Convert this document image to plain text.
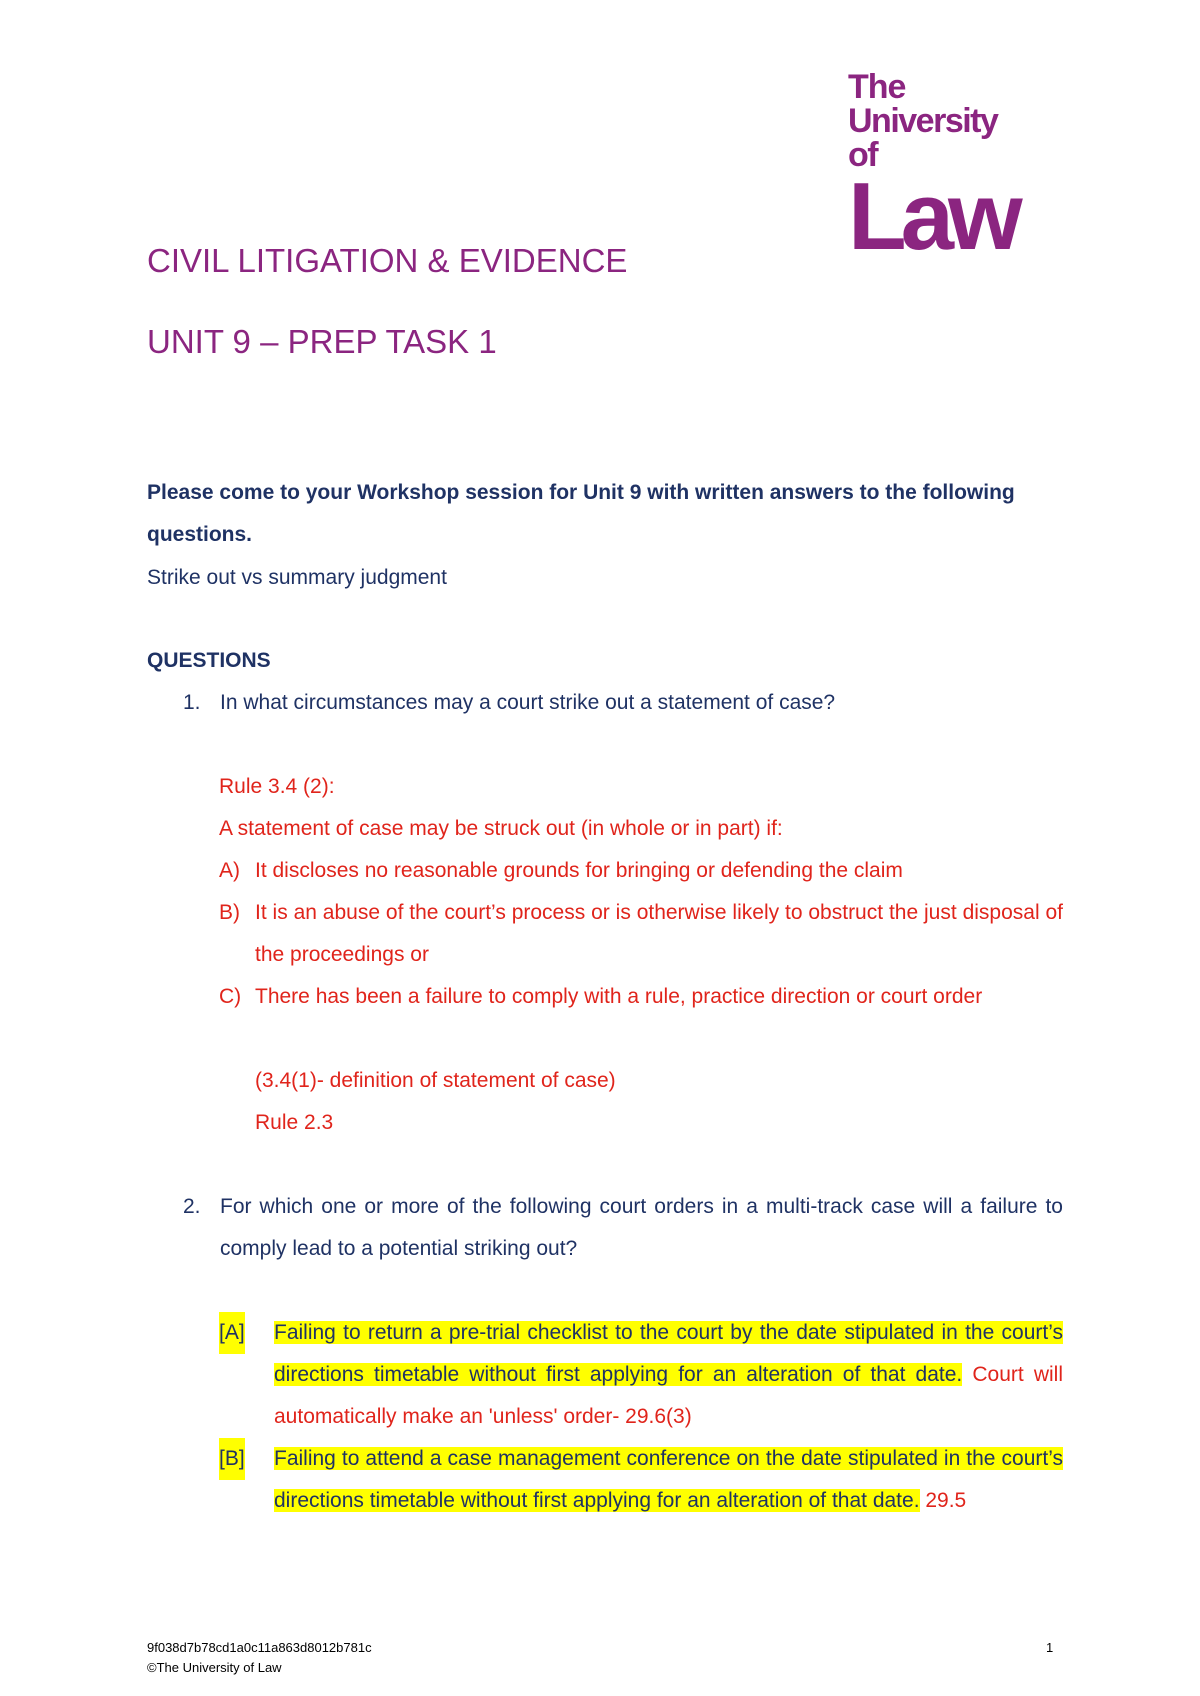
The
University of
Law
CIVIL LITIGATION & EVIDENCE
UNIT 9 – PREP TASK 1
Please come to your Workshop session for Unit 9 with written answers to the following questions.
Strike out vs summary judgment
QUESTIONS
1. In what circumstances may a court strike out a statement of case?
Rule 3.4 (2):
A statement of case may be struck out (in whole or in part) if:
A) It discloses no reasonable grounds for bringing or defending the claim
B) It is an abuse of the court’s process or is otherwise likely to obstruct the just disposal of the proceedings or
C) There has been a failure to comply with a rule, practice direction or court order
(3.4(1)- definition of statement of case)
Rule 2.3
2. For which one or more of the following court orders in a multi-track case will a failure to comply lead to a potential striking out?
[A] Failing to return a pre-trial checklist to the court by the date stipulated in the court’s directions timetable without first applying for an alteration of that date. Court will automatically make an 'unless' order- 29.6(3)
[B] Failing to attend a case management conference on the date stipulated in the court’s directions timetable without first applying for an alteration of that date. 29.5
9f038d7b78cd1a0c11a863d8012b781c
©The University of Law
1
